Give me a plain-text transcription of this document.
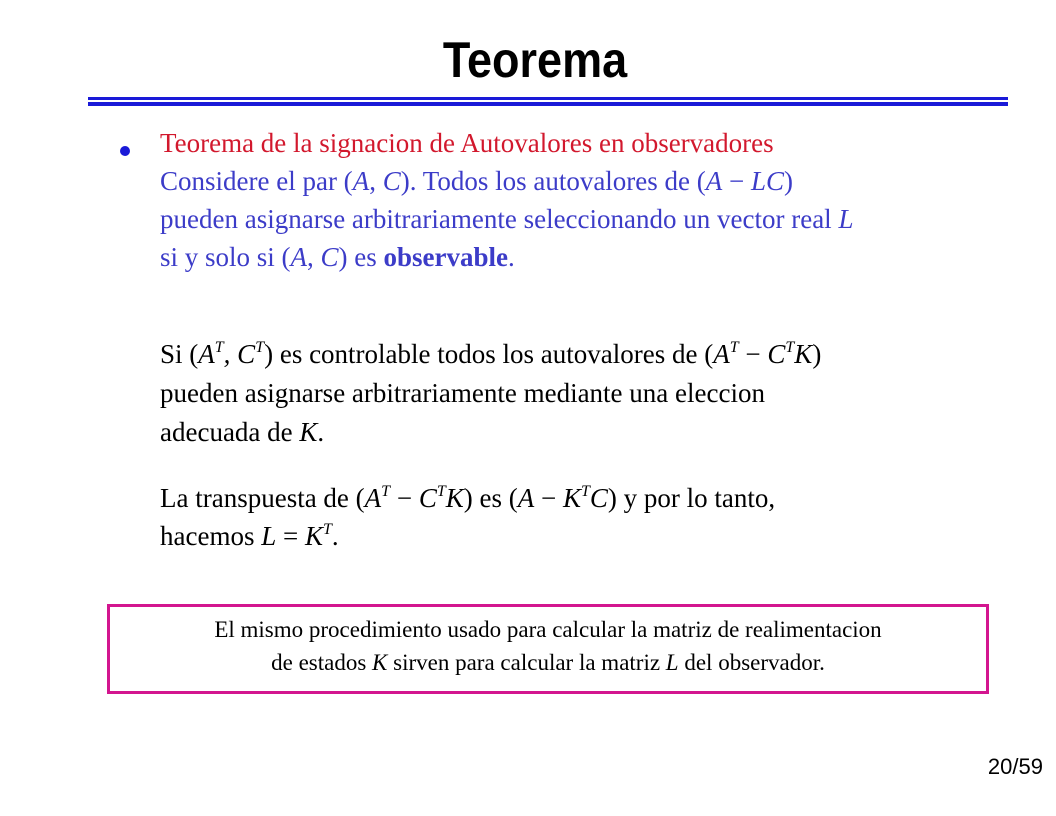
Teorema
Teorema de la signacion de Autovalores en observadores
Considere el par (A, C). Todos los autovalores de (A − LC)
pueden asignarse arbitrariamente seleccionando un vector real L
si y solo si (A, C) es observable.
Si ($A^T$, $C^T$) es controlable todos los autovalores de $(A^T - C^TK)$
pueden asignarse arbitrariamente mediante una eleccion
adecuada de K.
La transpuesta de $(A^T - C^TK)$ es $(A - K^TC)$ y por lo tanto,
hacemos $L = K^T$.
El mismo procedimiento usado para calcular la matriz de realimentacion
de estados K sirven para calcular la matriz L del observador.
20/59
